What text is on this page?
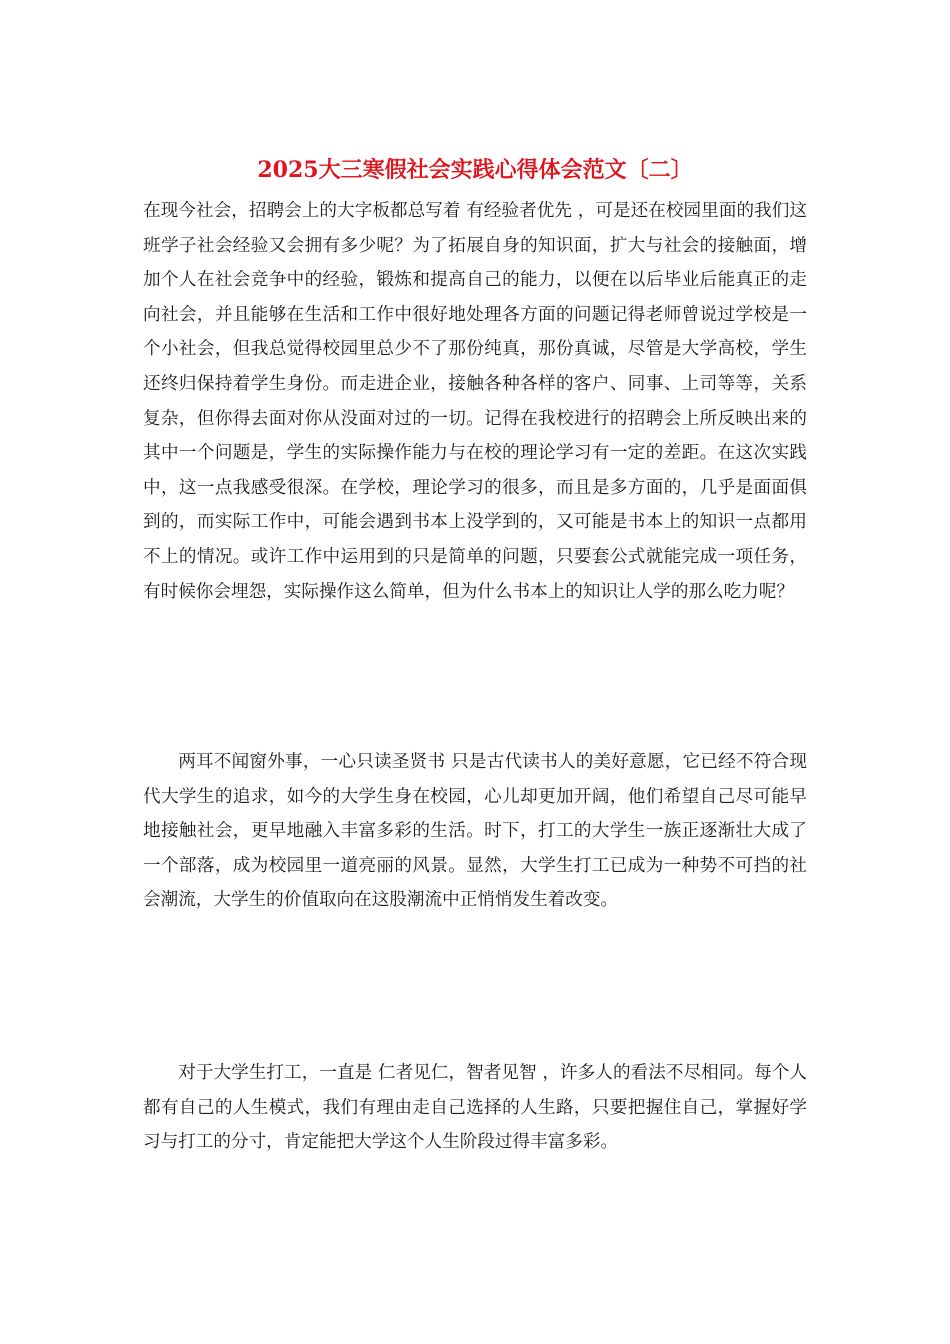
2025大三寒假社会实践心得体会范文〔二〕

在现今社会，招聘会上的大字板都总写着 有经验者优先 ，可是还在校园里面的我们这班学子社会经验又会拥有多少呢？为了拓展自身的知识面，扩大与社会的接触面，增加个人在社会竞争中的经验，锻炼和提高自己的能力，以便在以后毕业后能真正的走向社会，并且能够在生活和工作中很好地处理各方面的问题记得老师曾说过学校是一个小社会，但我总觉得校园里总少不了那份纯真，那份真诚，尽管是大学高校，学生还终归保持着学生身份。而走进企业，接触各种各样的客户、同事、上司等等，关系复杂，但你得去面对你从没面对过的一切。记得在我校进行的招聘会上所反映出来的其中一个问题是，学生的实际操作能力与在校的理论学习有一定的差距。在这次实践中，这一点我感受很深。在学校，理论学习的很多，而且是多方面的，几乎是面面俱到的，而实际工作中，可能会遇到书本上没学到的，又可能是书本上的知识一点都用不上的情况。或许工作中运用到的只是简单的问题，只要套公式就能完成一项任务，有时候你会埋怨，实际操作这么简单，但为什么书本上的知识让人学的那么吃力呢？

两耳不闻窗外事，一心只读圣贤书 只是古代读书人的美好意愿，它已经不符合现代大学生的追求，如今的大学生身在校园，心儿却更加开阔，他们希望自己尽可能早地接触社会，更早地融入丰富多彩的生活。时下，打工的大学生一族正逐渐壮大成了一个部落，成为校园里一道亮丽的风景。显然，大学生打工已成为一种势不可挡的社会潮流，大学生的价值取向在这股潮流中正悄悄发生着改变。

对于大学生打工，一直是 仁者见仁，智者见智 ，许多人的看法不尽相同。每个人都有自己的人生模式，我们有理由走自己选择的人生路，只要把握住自己，掌握好学习与打工的分寸，肯定能把大学这个人生阶段过得丰富多彩。
